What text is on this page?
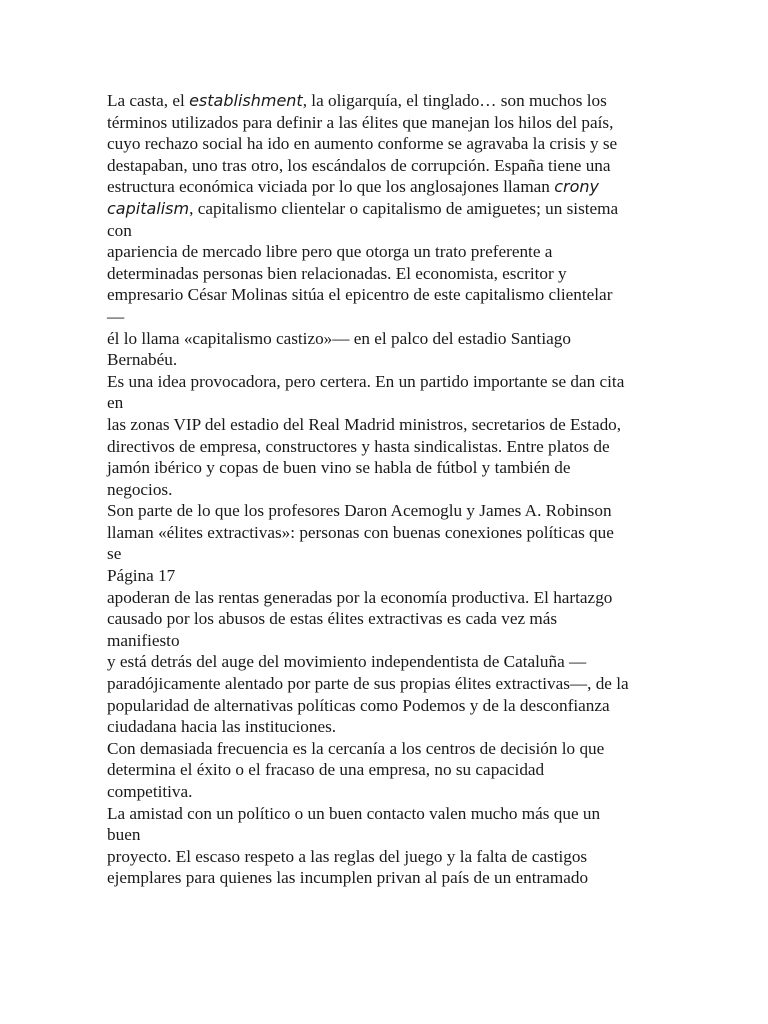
La casta, el establishment, la oligarquía, el tinglado… son muchos los
términos utilizados para definir a las élites que manejan los hilos del país,
cuyo rechazo social ha ido en aumento conforme se agravaba la crisis y se
destapaban, uno tras otro, los escándalos de corrupción. España tiene una
estructura económica viciada por lo que los anglosajones llaman crony
capitalism, capitalismo clientelar o capitalismo de amiguetes; un sistema
con
apariencia de mercado libre pero que otorga un trato preferente a
determinadas personas bien relacionadas. El economista, escritor y
empresario César Molinas sitúa el epicentro de este capitalismo clientelar
—
él lo llama «capitalismo castizo»— en el palco del estadio Santiago
Bernabéu.
Es una idea provocadora, pero certera. En un partido importante se dan cita
en
las zonas VIP del estadio del Real Madrid ministros, secretarios de Estado,
directivos de empresa, constructores y hasta sindicalistas. Entre platos de
jamón ibérico y copas de buen vino se habla de fútbol y también de
negocios.
Son parte de lo que los profesores Daron Acemoglu y James A. Robinson
llaman «élites extractivas»: personas con buenas conexiones políticas que
se
Página 17
apoderan de las rentas generadas por la economía productiva. El hartazgo
causado por los abusos de estas élites extractivas es cada vez más
manifiesto
y está detrás del auge del movimiento independentista de Cataluña —
paradójicamente alentado por parte de sus propias élites extractivas—, de la
popularidad de alternativas políticas como Podemos y de la desconfianza
ciudadana hacia las instituciones.
Con demasiada frecuencia es la cercanía a los centros de decisión lo que
determina el éxito o el fracaso de una empresa, no su capacidad
competitiva.
La amistad con un político o un buen contacto valen mucho más que un
buen
proyecto. El escaso respeto a las reglas del juego y la falta de castigos
ejemplares para quienes las incumplen privan al país de un entramado
